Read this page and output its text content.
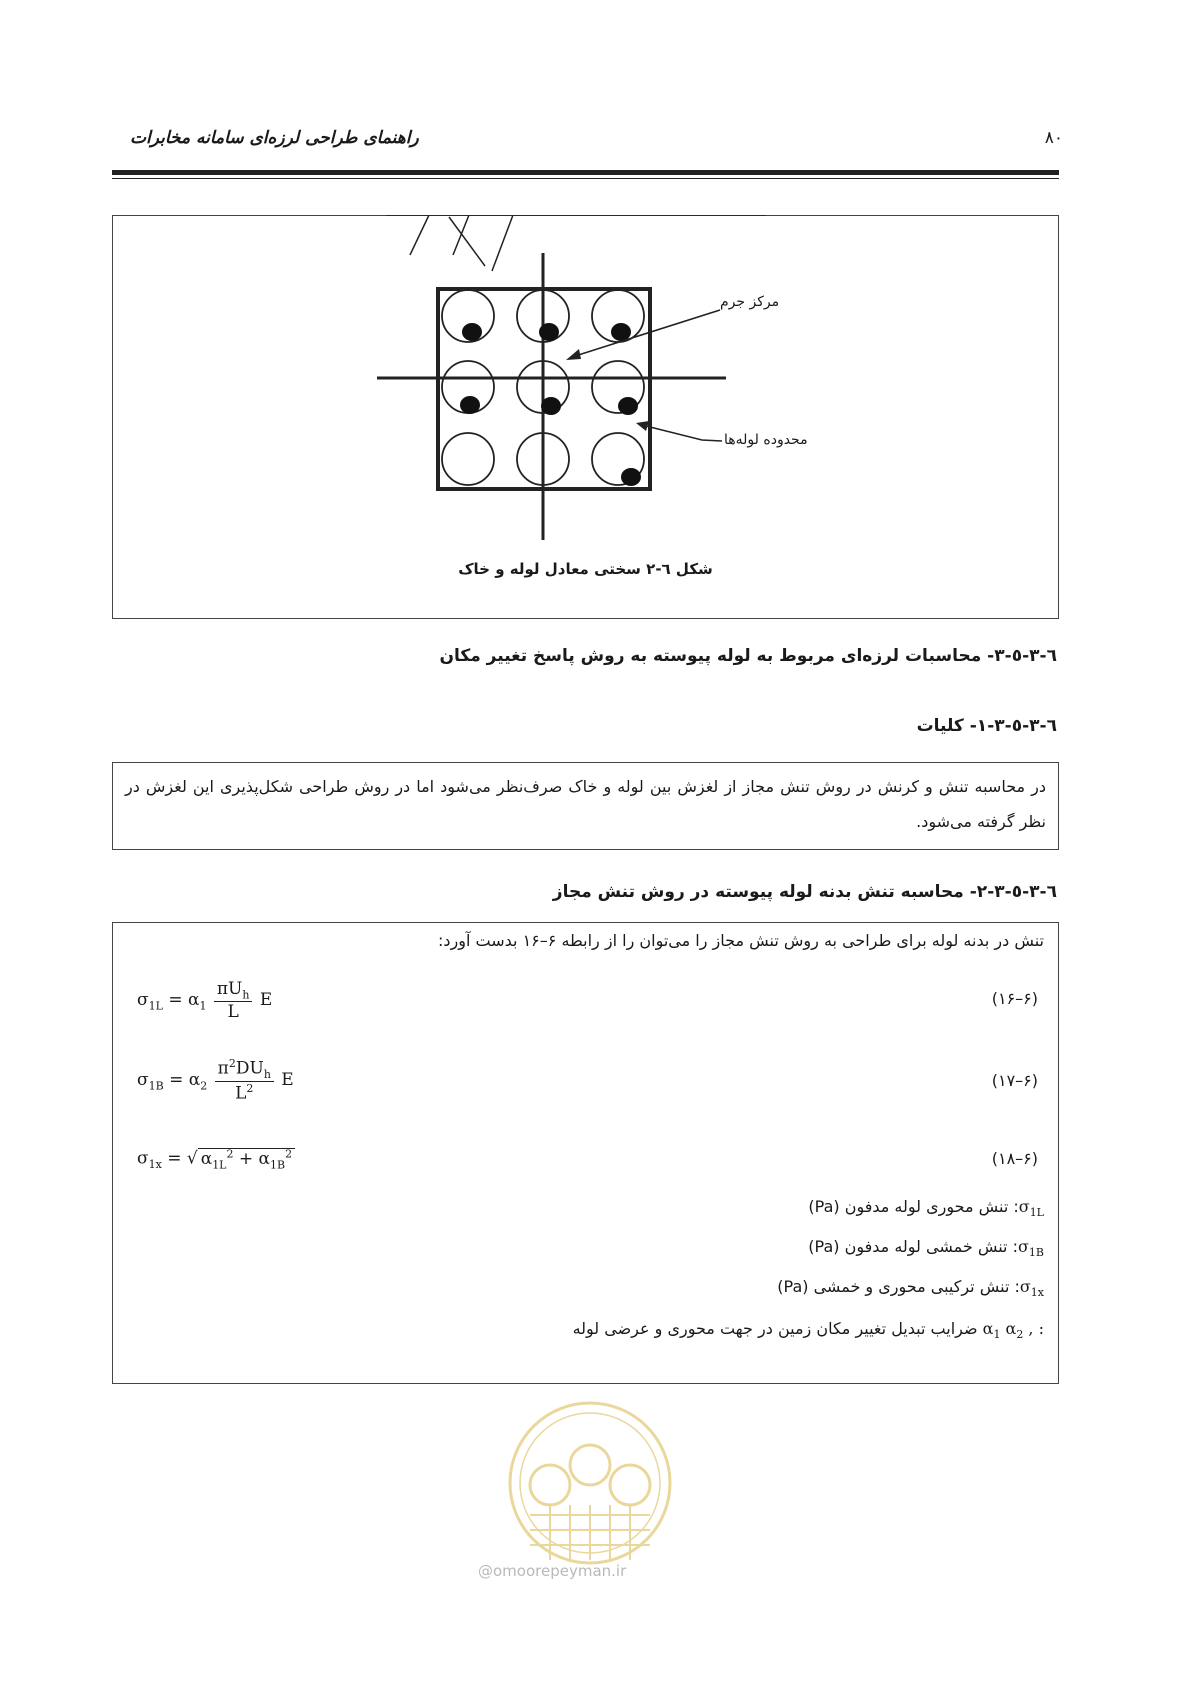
راهنمای طراحی لرزه‌ای سامانه مخابرات	۸۰
مرکز جرم
محدوده لوله‌ها
شکل ٦-٢ سختی معادل لوله و خاک
٦-٣-٥-٣- محاسبات لرزه‌ای مربوط به لوله پیوسته به روش پاسخ تغییر مکان
٦-٣-٥-٣-١- کلیات
در محاسبه تنش و کرنش در روش تنش مجاز از لغزش بین لوله و خاک صرف‌نظر می‌شود اما در روش طراحی شکل‌پذیری این لغزش در نظر گرفته می‌شود.
٦-٣-٥-٣-٢- محاسبه تنش بدنه لوله پیوسته در روش تنش مجاز
تنش در بدنه لوله برای طراحی به روش تنش مجاز را می‌توان را از رابطه ۶–۱۶ بدست آورد:
$\sigma_{1L} = \alpha_1 \frac{\pi U_h}{L}$ E	(۶–۱۶)
$\sigma_{1B} = \alpha_2 \frac{\pi^2DU_h}{L^2}$ E	(۶–۱۷)
$\sigma_{1x}$ = √ $\alpha_{1L}^2 + \alpha_{1B}^2$	(۶–۱۸)
$\sigma_{1L}$: تنش محوری لوله مدفون (Pa)
$\sigma_{1B}$: تنش خمشی لوله مدفون (Pa)
$\sigma_{1x}$: تنش ترکیبی محوری و خمشی (Pa)
$\alpha_1$ $\alpha_2$ , : ضرایب تبدیل تغییر مکان زمین در جهت محوری و عرضی لوله
@omoorepeyman.ir
